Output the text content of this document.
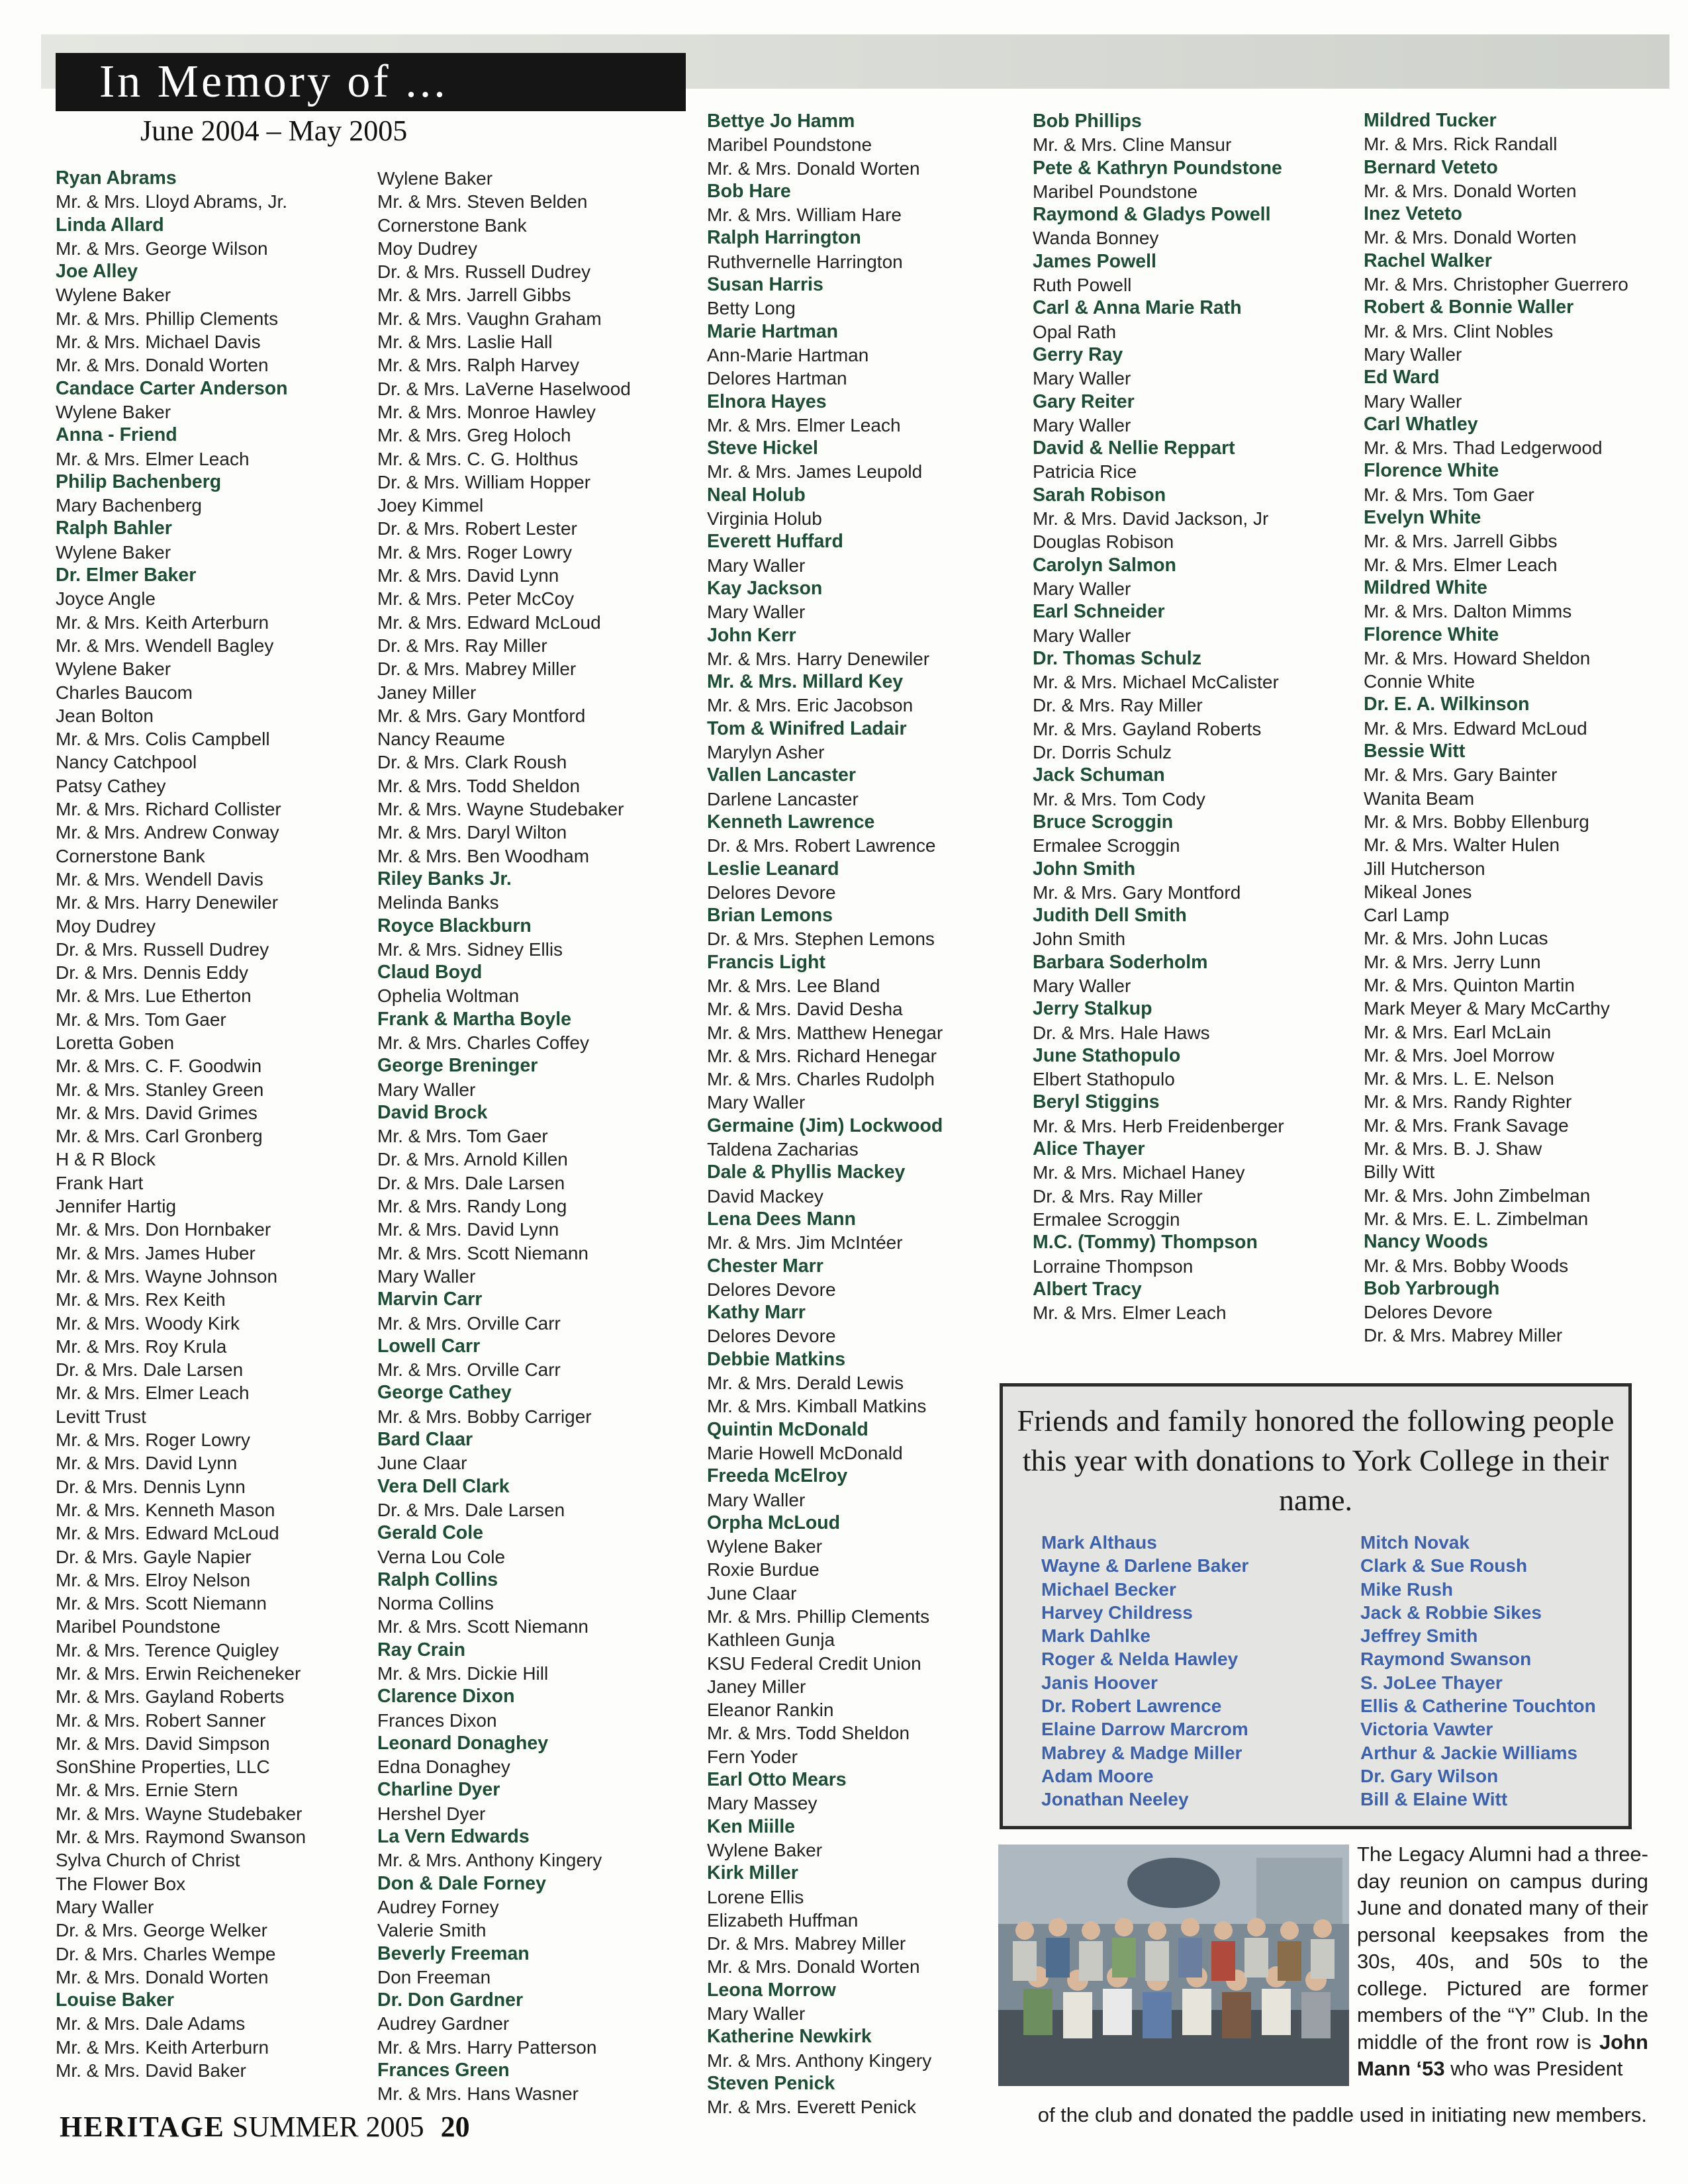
In Memory of ...
June 2004 – May 2005
Ryan Abrams
Mr. & Mrs. Lloyd Abrams, Jr.
Linda Allard
Mr. & Mrs. George Wilson
Joe Alley
Wylene Baker
Mr. & Mrs. Phillip Clements
Mr. & Mrs. Michael Davis
Mr. & Mrs. Donald Worten
Candace Carter Anderson
Wylene Baker
Anna - Friend
Mr. & Mrs. Elmer Leach
Philip Bachenberg
Mary Bachenberg
Ralph Bahler
Wylene Baker
Dr. Elmer Baker
Joyce Angle
Mr. & Mrs. Keith Arterburn
Mr. & Mrs. Wendell Bagley
Wylene Baker
Charles Baucom
Jean Bolton
Mr. & Mrs. Colis Campbell
Nancy Catchpool
Patsy Cathey
Mr. & Mrs. Richard Collister
Mr. & Mrs. Andrew Conway
Cornerstone Bank
Mr. & Mrs. Wendell Davis
Mr. & Mrs. Harry Denewiler
Moy Dudrey
Dr. & Mrs. Russell Dudrey
Dr. & Mrs. Dennis Eddy
Mr. & Mrs. Lue Etherton
Mr. & Mrs. Tom Gaer
Loretta Goben
Mr. & Mrs. C. F. Goodwin
Mr. & Mrs. Stanley Green
Mr. & Mrs. David Grimes
Mr. & Mrs. Carl Gronberg
H & R Block
Frank Hart
Jennifer Hartig
Mr. & Mrs. Don Hornbaker
Mr. & Mrs. James Huber
Mr. & Mrs. Wayne Johnson
Mr. & Mrs. Rex Keith
Mr. & Mrs. Woody Kirk
Mr. & Mrs. Roy Krula
Dr. & Mrs. Dale Larsen
Mr. & Mrs. Elmer Leach
Levitt Trust
Mr. & Mrs. Roger Lowry
Mr. & Mrs. David Lynn
Dr. & Mrs. Dennis Lynn
Mr. & Mrs. Kenneth Mason
Mr. & Mrs. Edward McLoud
Dr. & Mrs. Gayle Napier
Mr. & Mrs. Elroy Nelson
Mr. & Mrs. Scott Niemann
Maribel Poundstone
Mr. & Mrs. Terence Quigley
Mr. & Mrs. Erwin Reicheneker
Mr. & Mrs. Gayland Roberts
Mr. & Mrs. Robert Sanner
Mr. & Mrs. David Simpson
SonShine Properties, LLC
Mr. & Mrs. Ernie Stern
Mr. & Mrs. Wayne Studebaker
Mr. & Mrs. Raymond Swanson
Sylva Church of Christ
The Flower Box
Mary Waller
Dr. & Mrs. George Welker
Dr. & Mrs. Charles Wempe
Mr. & Mrs. Donald Worten
Louise Baker
Mr. & Mrs. Dale Adams
Mr. & Mrs. Keith Arterburn
Mr. & Mrs. David Baker
Wylene Baker
Mr. & Mrs. Steven Belden
Cornerstone Bank
Moy Dudrey
Dr. & Mrs. Russell Dudrey
Mr. & Mrs. Jarrell Gibbs
Mr. & Mrs. Vaughn Graham
Mr. & Mrs. Laslie Hall
Mr. & Mrs. Ralph Harvey
Dr. & Mrs. LaVerne Haselwood
Mr. & Mrs. Monroe Hawley
Mr. & Mrs. Greg Holoch
Mr. & Mrs. C. G. Holthus
Dr. & Mrs. William Hopper
Joey Kimmel
Dr. & Mrs. Robert Lester
Mr. & Mrs. Roger Lowry
Mr. & Mrs. David Lynn
Mr. & Mrs. Peter McCoy
Mr. & Mrs. Edward McLoud
Dr. & Mrs. Ray Miller
Dr. & Mrs. Mabrey Miller
Janey Miller
Mr. & Mrs. Gary Montford
Nancy Reaume
Dr. & Mrs. Clark Roush
Mr. & Mrs. Todd Sheldon
Mr. & Mrs. Wayne Studebaker
Mr. & Mrs. Daryl Wilton
Mr. & Mrs. Ben Woodham
Riley Banks Jr.
Melinda Banks
Royce Blackburn
Mr. & Mrs. Sidney Ellis
Claud Boyd
Ophelia Woltman
Frank & Martha Boyle
Mr. & Mrs. Charles Coffey
George Breninger
Mary Waller
David Brock
Mr. & Mrs. Tom Gaer
Dr. & Mrs. Arnold Killen
Dr. & Mrs. Dale Larsen
Mr. & Mrs. Randy Long
Mr. & Mrs. David Lynn
Mr. & Mrs. Scott Niemann
Mary Waller
Marvin Carr
Mr. & Mrs. Orville Carr
Lowell Carr
Mr. & Mrs. Orville Carr
George Cathey
Mr. & Mrs. Bobby Carriger
Bard Claar
June Claar
Vera Dell Clark
Dr. & Mrs. Dale Larsen
Gerald Cole
Verna Lou Cole
Ralph Collins
Norma Collins
Mr. & Mrs. Scott Niemann
Ray Crain
Mr. & Mrs. Dickie Hill
Clarence Dixon
Frances Dixon
Leonard Donaghey
Edna Donaghey
Charline Dyer
Hershel Dyer
La Vern Edwards
Mr. & Mrs. Anthony Kingery
Don & Dale Forney
Audrey Forney
Valerie Smith
Beverly Freeman
Don Freeman
Dr. Don Gardner
Audrey Gardner
Mr. & Mrs. Harry Patterson
Frances Green
Mr. & Mrs. Hans Wasner
Bettye Jo Hamm
Maribel Poundstone
Mr. & Mrs. Donald Worten
Bob Hare
Mr. & Mrs. William Hare
Ralph Harrington
Ruthvernelle Harrington
Susan Harris
Betty Long
Marie Hartman
Ann-Marie Hartman
Delores Hartman
Elnora Hayes
Mr. & Mrs. Elmer Leach
Steve Hickel
Mr. & Mrs. James Leupold
Neal Holub
Virginia Holub
Everett Huffard
Mary Waller
Kay Jackson
Mary Waller
John Kerr
Mr. & Mrs. Harry Denewiler
Mr. & Mrs. Millard Key
Mr. & Mrs. Eric Jacobson
Tom & Winifred Ladair
Marylyn Asher
Vallen Lancaster
Darlene Lancaster
Kenneth Lawrence
Dr. & Mrs. Robert Lawrence
Leslie Leanard
Delores Devore
Brian Lemons
Dr. & Mrs. Stephen Lemons
Francis Light
Mr. & Mrs. Lee Bland
Mr. & Mrs. David Desha
Mr. & Mrs. Matthew Henegar
Mr. & Mrs. Richard Henegar
Mr. & Mrs. Charles Rudolph
Mary Waller
Germaine (Jim) Lockwood
Taldena Zacharias
Dale & Phyllis Mackey
David Mackey
Lena Dees Mann
Mr. & Mrs. Jim McIntéer
Chester Marr
Delores Devore
Kathy Marr
Delores Devore
Debbie Matkins
Mr. & Mrs. Derald Lewis
Mr. & Mrs. Kimball Matkins
Quintin McDonald
Marie Howell McDonald
Freeda McElroy
Mary Waller
Orpha McLoud
Wylene Baker
Roxie Burdue
June Claar
Mr. & Mrs. Phillip Clements
Kathleen Gunja
KSU Federal Credit Union
Janey Miller
Eleanor Rankin
Mr. & Mrs. Todd Sheldon
Fern Yoder
Earl Otto Mears
Mary Massey
Ken Miille
Wylene Baker
Kirk Miller
Lorene Ellis
Elizabeth Huffman
Dr. & Mrs. Mabrey Miller
Mr. & Mrs. Donald Worten
Leona Morrow
Mary Waller
Katherine Newkirk
Mr. & Mrs. Anthony Kingery
Steven Penick
Mr. & Mrs. Everett Penick
Bob Phillips
Mr. & Mrs. Cline Mansur
Pete & Kathryn Poundstone
Maribel Poundstone
Raymond & Gladys Powell
Wanda Bonney
James Powell
Ruth Powell
Carl & Anna Marie Rath
Opal Rath
Gerry Ray
Mary Waller
Gary Reiter
Mary Waller
David & Nellie Reppart
Patricia Rice
Sarah Robison
Mr. & Mrs. David Jackson, Jr
Douglas Robison
Carolyn Salmon
Mary Waller
Earl Schneider
Mary Waller
Dr. Thomas Schulz
Mr. & Mrs. Michael McCalister
Dr. & Mrs. Ray Miller
Mr. & Mrs. Gayland Roberts
Dr. Dorris Schulz
Jack Schuman
Mr. & Mrs. Tom Cody
Bruce Scroggin
Ermalee Scroggin
John Smith
Mr. & Mrs. Gary Montford
Judith Dell Smith
John Smith
Barbara Soderholm
Mary Waller
Jerry Stalkup
Dr. & Mrs. Hale Haws
June Stathopulo
Elbert Stathopulo
Beryl Stiggins
Mr. & Mrs. Herb Freidenberger
Alice Thayer
Mr. & Mrs. Michael Haney
Dr. & Mrs. Ray Miller
Ermalee Scroggin
M.C. (Tommy) Thompson
Lorraine Thompson
Albert Tracy
Mr. & Mrs. Elmer Leach
Mildred Tucker
Mr. & Mrs. Rick Randall
Bernard Veteto
Mr. & Mrs. Donald Worten
Inez Veteto
Mr. & Mrs. Donald Worten
Rachel Walker
Mr. & Mrs. Christopher Guerrero
Robert & Bonnie Waller
Mr. & Mrs. Clint Nobles
Mary Waller
Ed Ward
Mary Waller
Carl Whatley
Mr. & Mrs. Thad Ledgerwood
Florence White
Mr. & Mrs. Tom Gaer
Evelyn White
Mr. & Mrs. Jarrell Gibbs
Mr. & Mrs. Elmer Leach
Mildred White
Mr. & Mrs. Dalton Mimms
Florence White
Mr. & Mrs. Howard Sheldon
Connie White
Dr. E. A. Wilkinson
Mr. & Mrs. Edward McLoud
Bessie Witt
Mr. & Mrs. Gary Bainter
Wanita Beam
Mr. & Mrs. Bobby Ellenburg
Mr. & Mrs. Walter Hulen
Jill Hutcherson
Mikeal Jones
Carl Lamp
Mr. & Mrs. John Lucas
Mr. & Mrs. Jerry Lunn
Mr. & Mrs. Quinton Martin
Mark Meyer & Mary McCarthy
Mr. & Mrs. Earl McLain
Mr. & Mrs. Joel Morrow
Mr. & Mrs. L. E. Nelson
Mr. & Mrs. Randy Righter
Mr. & Mrs. Frank Savage
Mr. & Mrs. B. J. Shaw
Billy Witt
Mr. & Mrs. John Zimbelman
Mr. & Mrs. E. L. Zimbelman
Nancy Woods
Mr. & Mrs. Bobby Woods
Bob Yarbrough
Delores Devore
Dr. & Mrs. Mabrey Miller
Friends and family honored the following people this year with donations to York College in their name.
Mark Althaus
Wayne & Darlene Baker
Michael Becker
Harvey Childress
Mark Dahlke
Roger & Nelda Hawley
Janis Hoover
Dr. Robert Lawrence
Elaine Darrow Marcrom
Mabrey & Madge Miller
Adam Moore
Jonathan Neeley
Mitch Novak
Clark & Sue Roush
Mike Rush
Jack & Robbie Sikes
Jeffrey Smith
Raymond Swanson
S. JoLee Thayer
Ellis & Catherine Touchton
Victoria Vawter
Arthur & Jackie Williams
Dr. Gary Wilson
Bill & Elaine Witt
The Legacy Alumni had a three-day reunion on campus during June and donated many of their personal keepsakes from the 30s, 40s, and 50s to the college. Pictured are former members of the “Y” Club. In the middle of the front row is John Mann ‘53 who was President
of the club and donated the paddle used in initiating new members.
HERITAGE SUMMER 2005 20
